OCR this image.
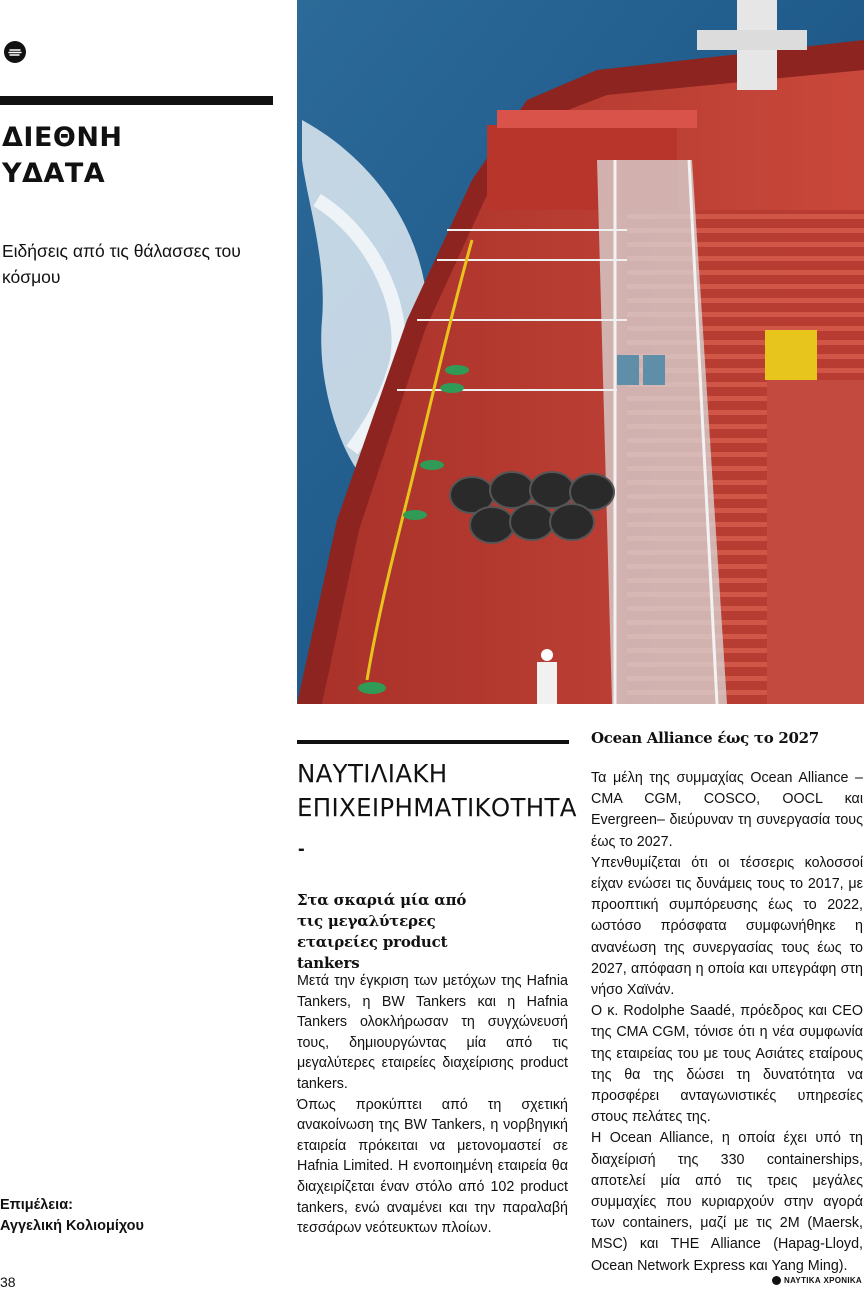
ΔΙΕΘΝΗ
ΥΔΑΤΑ
Ειδήσεις από τις θάλασσες του κόσμου
Επιμέλεια:
Αγγελική Κολιομίχου
ΝΑΥΤΙΛΙΑΚΗ
ΕΠΙΧΕΙΡΗΜΑΤΙΚΟΤΗΤΑ
-
Στα σκαριά μία από τις μεγαλύτερες εταιρείες product tankers

Μετά την έγκριση των μετόχων της Hafnia Tankers, η BW Tankers και η Hafnia Tankers ολοκλήρωσαν τη συγχώνευσή τους, δημιουργώντας μία από τις μεγαλύτερες εταιρείες διαχείρισης product tankers.

Όπως προκύπτει από τη σχετική ανακοίνωση της BW Tankers, η νορβηγική εταιρεία πρόκειται να μετονομαστεί σε Hafnia Limited. Η ενοποιημένη εταιρεία θα διαχειρίζεται έναν στόλο από 102 product tankers, ενώ αναμένει και την παραλαβή τεσσάρων νεότευκτων πλοίων.

Ocean Alliance έως το 2027

Τα μέλη της συμμαχίας Ocean Alliance –CMA CGM, COSCO, OOCL και Evergreen– διεύρυναν τη συνεργασία τους έως το 2027.

Υπενθυμίζεται ότι οι τέσσερις κολοσσοί είχαν ενώσει τις δυνάμεις τους το 2017, με προοπτική συμπόρευσης έως το 2022, ωστόσο πρόσφατα συμφωνήθηκε η ανανέωση της συνεργασίας τους έως το 2027, απόφαση η οποία και υπεγράφη στη νήσο Χαϊνάν.

Ο κ. Rodolphe Saadé, πρόεδρος και CEO της CMA CGM, τόνισε ότι η νέα συμφωνία της εταιρείας του με τους Ασιάτες εταίρους της θα της δώσει τη δυνατότητα να προσφέρει ανταγωνιστικές υπηρεσίες στους πελάτες της.

Η Ocean Alliance, η οποία έχει υπό τη διαχείρισή της 330 containerships, αποτελεί μία από τις τρεις μεγάλες συμμαχίες που κυριαρχούν στην αγορά των containers, μαζί με τις 2M (Maersk, MSC) και THE Alliance (Hapag-Lloyd, Ocean Network Express και Yang Ming).

38	ΝΑΥΤΙΚΑ ΧΡΟΝΙΚΑ
